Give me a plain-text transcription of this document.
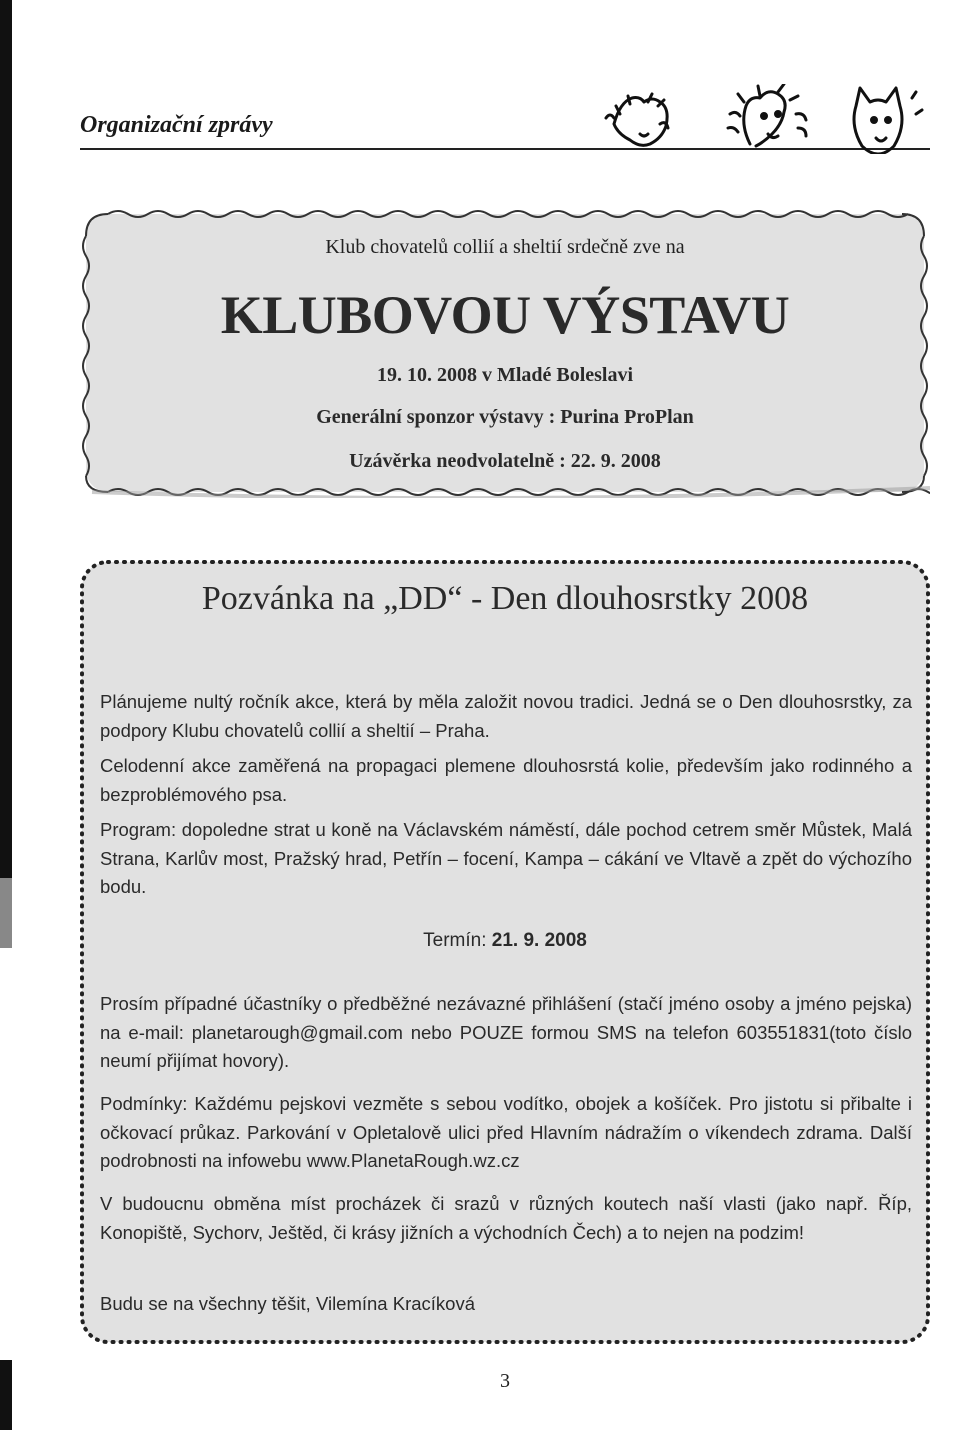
Organizační zprávy
Klub chovatelů collií a sheltií srdečně zve na
KLUBOVOU VÝSTAVU
19. 10. 2008 v Mladé Boleslavi
Generální sponzor výstavy : Purina ProPlan
Uzávěrka neodvolatelně : 22. 9. 2008
Pozvánka na „DD“ - Den dlouhosrstky 2008
Plánujeme nultý ročník akce, která by měla založit novou tradici. Jedná se o Den dlouhosrstky, za podpory Klubu chovatelů collií a sheltií – Praha.
Celodenní akce zaměřená na propagaci plemene dlouhosrstá kolie, především jako rodinného a bezproblémového psa.
Program: dopoledne strat u koně na Václavském náměstí, dále pochod cetrem směr Můstek, Malá Strana, Karlův most, Pražský hrad, Petřín – focení, Kampa – cákání ve Vltavě a zpět do výchozího bodu.
Termín: 21. 9. 2008
Prosím případné účastníky o předběžné nezávazné přihlášení (stačí jméno osoby a jméno pejska) na e-mail: planetarough@gmail.com nebo POUZE formou SMS na telefon 603551831(toto číslo neumí přijímat hovory).
Podmínky: Každému pejskovi vezměte s sebou vodítko, obojek a košíček. Pro jistotu si přibalte i očkovací průkaz. Parkování v Opletalově ulici před Hlavním nádražím o víkendech zdrama. Další podrobnosti na infowebu www.PlanetaRough.wz.cz
V budoucnu obměna míst procházek či srazů v různých koutech naší vlasti (jako např. Říp, Konopiště, Sychorv, Ještěd, či krásy jižních a východních Čech) a to nejen na podzim!
Budu se na všechny těšit, Vilemína Kracíková
3
